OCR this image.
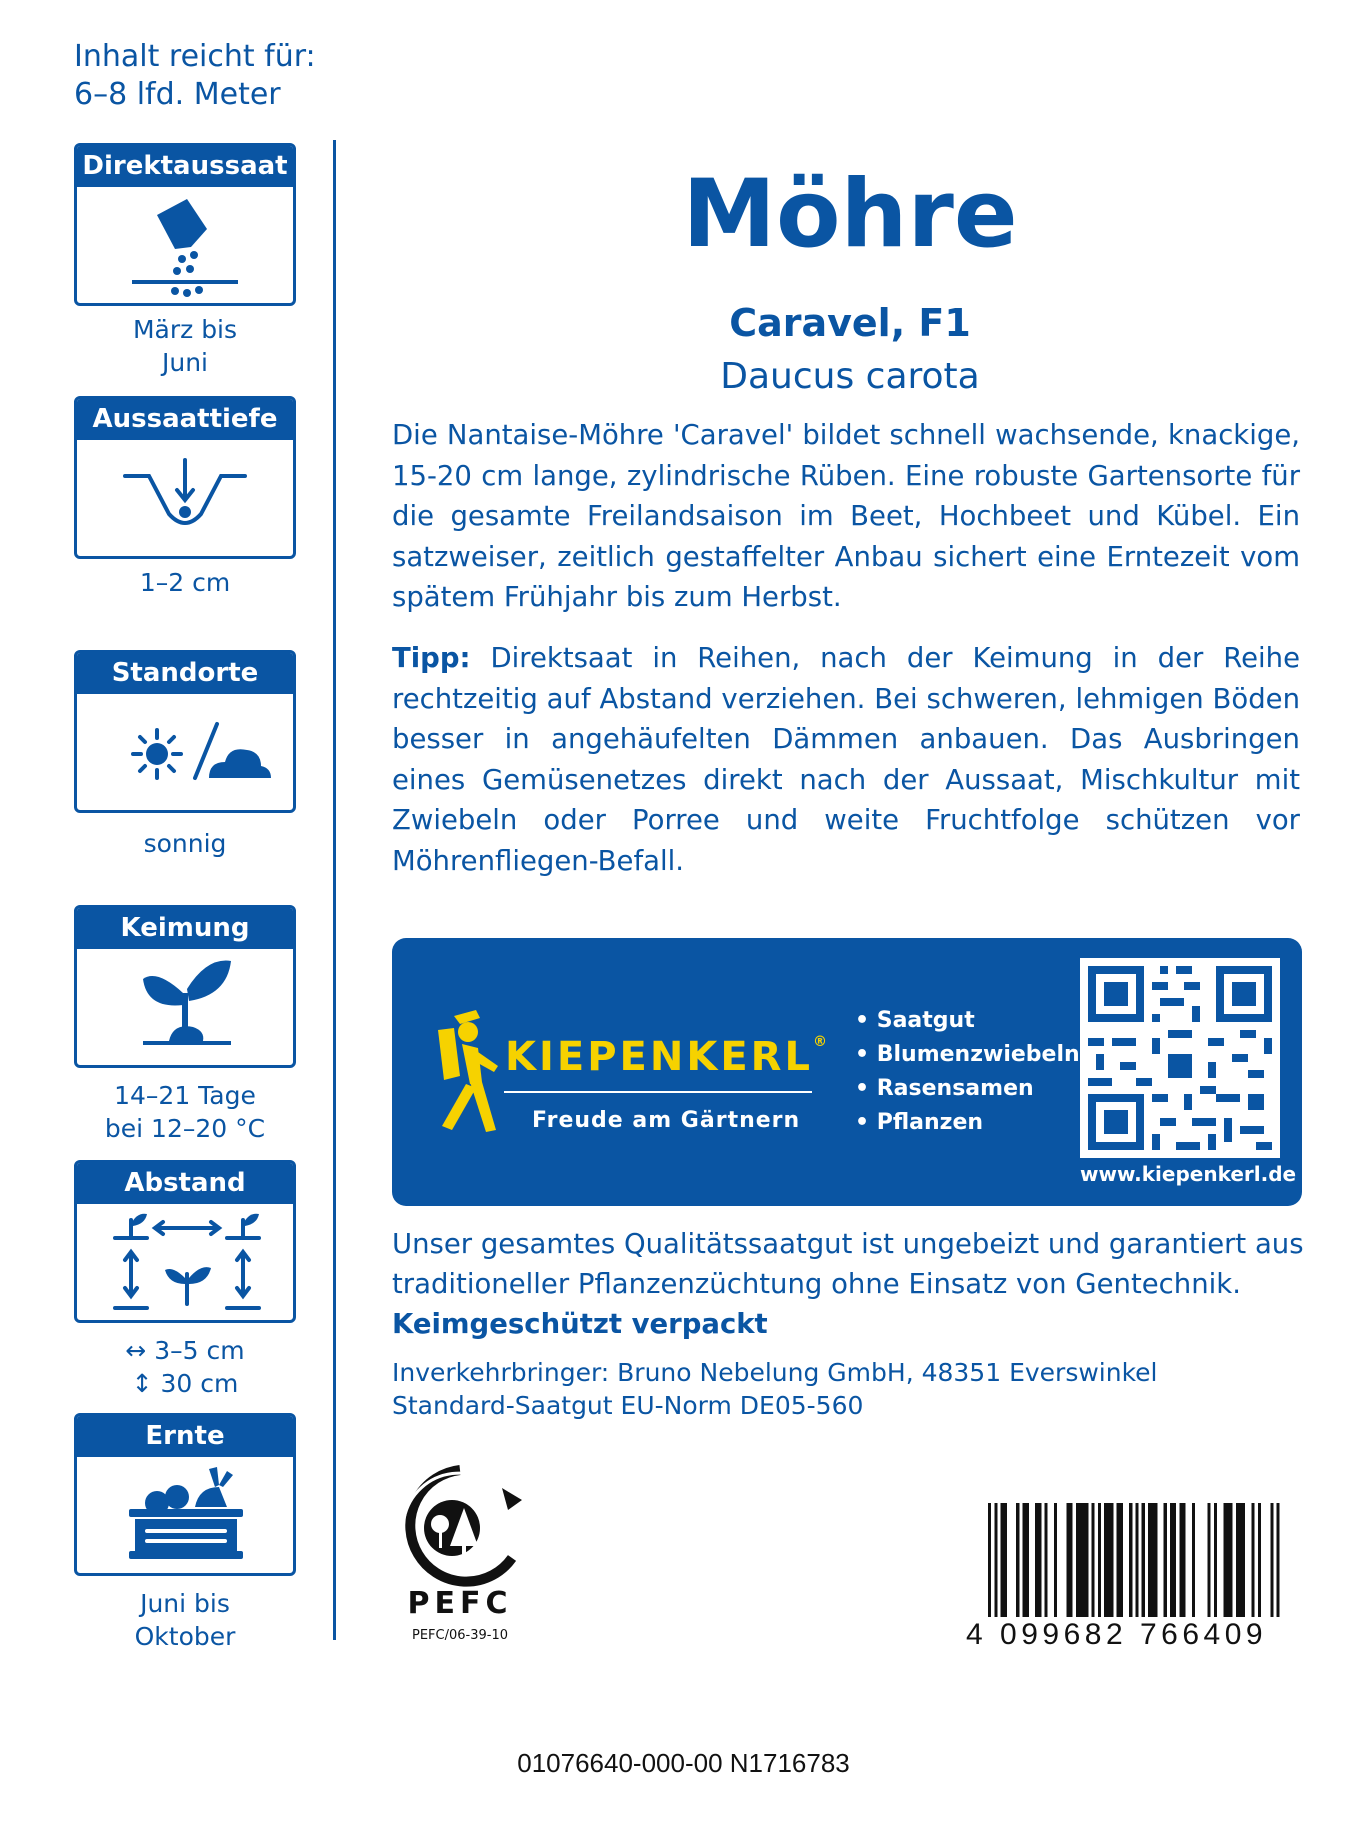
Inhalt reicht für:
6–8 lfd. Meter
Direktaussaat
März bis
Juni
Aussaattiefe
1–2 cm
Standorte
sonnig
Keimung
14–21 Tage
bei 12–20 °C
Abstand
↔ 3–5 cm
↕ 30 cm
Ernte
Juni bis
Oktober
Möhre
Caravel, F1
Daucus carota
Die Nantaise-Möhre 'Caravel' bildet schnell wachsende, knackige, 15-20 cm lange, zylindrische Rüben. Eine robuste Gartensorte für die gesamte Freilandsaison im Beet, Hochbeet und Kübel. Ein satzweiser, zeitlich gestaffelter Anbau sichert eine Erntezeit vom spätem Frühjahr bis zum Herbst.
Tipp: Direktsaat in Reihen, nach der Keimung in der Reihe rechtzeitig auf Abstand verziehen. Bei schweren, lehmigen Böden besser in angehäufelten Dämmen anbauen. Das Ausbringen eines Gemüsenetzes direkt nach der Aussaat, Mischkultur mit Zwiebeln oder Porree und weite Fruchtfolge schützen vor Möhrenfliegen-Befall.
KIEPENKERL®
Freude am Gärtnern
• Saatgut
• Blumenzwiebeln
• Rasensamen
• Pflanzen
www.kiepenkerl.de
Unser gesamtes Qualitätssaatgut ist ungebeizt und garantiert aus traditioneller Pflanzenzüchtung ohne Einsatz von Gentechnik.
Keimgeschützt verpackt
Inverkehrbringer: Bruno Nebelung GmbH, 48351 Everswinkel
Standard-Saatgut EU-Norm DE05-560
PEFC
PEFC/06-39-10	4 099682 766409
01076640-000-00 N1716783
